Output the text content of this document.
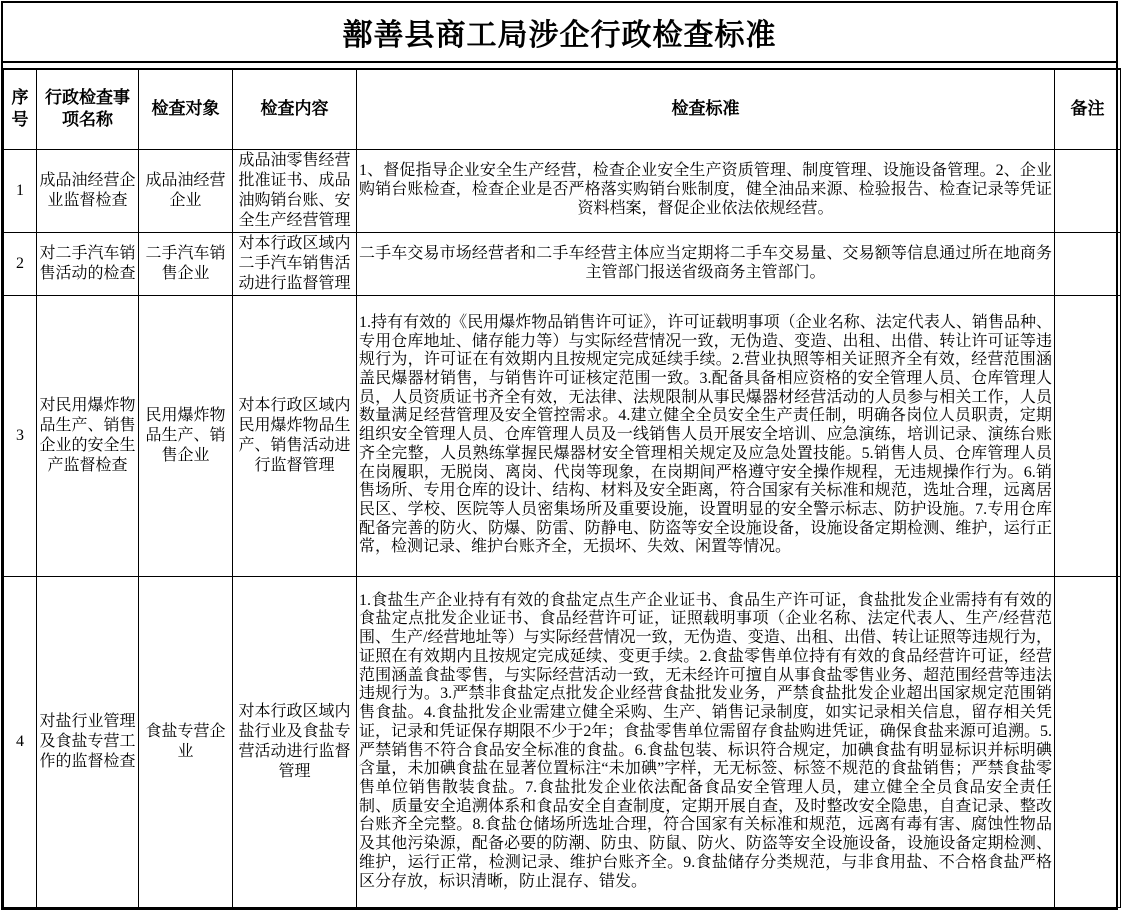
鄯善县商工局涉企行政检查标准
序号	行政检查事项名称	检查对象	检查内容	检查标准	备注
1	成品油经营企业监督检查	成品油经营企业	成品油零售经营批准证书、成品油购销台账、安全生产经营管理	1、督促指导企业安全生产经营，检查企业安全生产资质管理、制度管理、设施设备管理。2、企业购销台账检查，检查企业是否严格落实购销台账制度，健全油品来源、检验报告、检查记录等凭证资料档案，督促企业依法依规经营。	
2	对二手汽车销售活动的检查	二手汽车销售企业	对本行政区域内二手汽车销售活动进行监督管理	二手车交易市场经营者和二手车经营主体应当定期将二手车交易量、交易额等信息通过所在地商务主管部门报送省级商务主管部门。	
3	对民用爆炸物品生产、销售企业的安全生产监督检查	民用爆炸物品生产、销售企业	对本行政区域内民用爆炸物品生产、销售活动进行监督管理	1.持有有效的《民用爆炸物品销售许可证》，许可证载明事项（企业名称、法定代表人、销售品种、专用仓库地址、储存能力等）与实际经营情况一致，无伪造、变造、出租、出借、转让许可证等违规行为，许可证在有效期内且按规定完成延续手续。2.营业执照等相关证照齐全有效，经营范围涵盖民爆器材销售，与销售许可证核定范围一致。3.配备具备相应资格的安全管理人员、仓库管理人员，人员资质证书齐全有效，无法律、法规限制从事民爆器材经营活动的人员参与相关工作，人员数量满足经营管理及安全管控需求。4.建立健全全员安全生产责任制，明确各岗位人员职责，定期组织安全管理人员、仓库管理人员及一线销售人员开展安全培训、应急演练，培训记录、演练台账齐全完整，人员熟练掌握民爆器材安全管理相关规定及应急处置技能。5.销售人员、仓库管理人员在岗履职，无脱岗、离岗、代岗等现象，在岗期间严格遵守安全操作规程，无违规操作行为。6.销售场所、专用仓库的设计、结构、材料及安全距离，符合国家有关标准和规范，选址合理，远离居民区、学校、医院等人员密集场所及重要设施，设置明显的安全警示标志、防护设施。7.专用仓库配备完善的防火、防爆、防雷、防静电、防盗等安全设施设备，设施设备定期检测、维护，运行正常，检测记录、维护台账齐全，无损坏、失效、闲置等情况。	
4	对盐行业管理及食盐专营工作的监督检查	食盐专营企业	对本行政区域内盐行业及食盐专营活动进行监督管理	1.食盐生产企业持有有效的食盐定点生产企业证书、食品生产许可证，食盐批发企业需持有有效的食盐定点批发企业证书、食品经营许可证，证照载明事项（企业名称、法定代表人、生产/经营范围、生产/经营地址等）与实际经营情况一致，无伪造、变造、出租、出借、转让证照等违规行为，证照在有效期内且按规定完成延续、变更手续。2.食盐零售单位持有有效的食品经营许可证，经营范围涵盖食盐零售，与实际经营活动一致，无未经许可擅自从事食盐零售业务、超范围经营等违法违规行为。3.严禁非食盐定点批发企业经营食盐批发业务，严禁食盐批发企业超出国家规定范围销售食盐。4.食盐批发企业需建立健全采购、生产、销售记录制度，如实记录相关信息，留存相关凭证，记录和凭证保存期限不少于2年；食盐零售单位需留存食盐购进凭证，确保食盐来源可追溯。5.严禁销售不符合食品安全标准的食盐。6.食盐包装、标识符合规定，加碘食盐有明显标识并标明碘含量，未加碘食盐在显著位置标注“未加碘”字样，无无标签、标签不规范的食盐销售；严禁食盐零售单位销售散装食盐。7.食盐批发企业依法配备食品安全管理人员，建立健全全员食品安全责任制、质量安全追溯体系和食品安全自查制度，定期开展自查，及时整改安全隐患，自查记录、整改台账齐全完整。8.食盐仓储场所选址合理，符合国家有关标准和规范，远离有毒有害、腐蚀性物品及其他污染源，配备必要的防潮、防虫、防鼠、防火、防盗等安全设施设备，设施设备定期检测、维护，运行正常，检测记录、维护台账齐全。9.食盐储存分类规范，与非食用盐、不合格食盐严格区分存放，标识清晰，防止混存、错发。	
